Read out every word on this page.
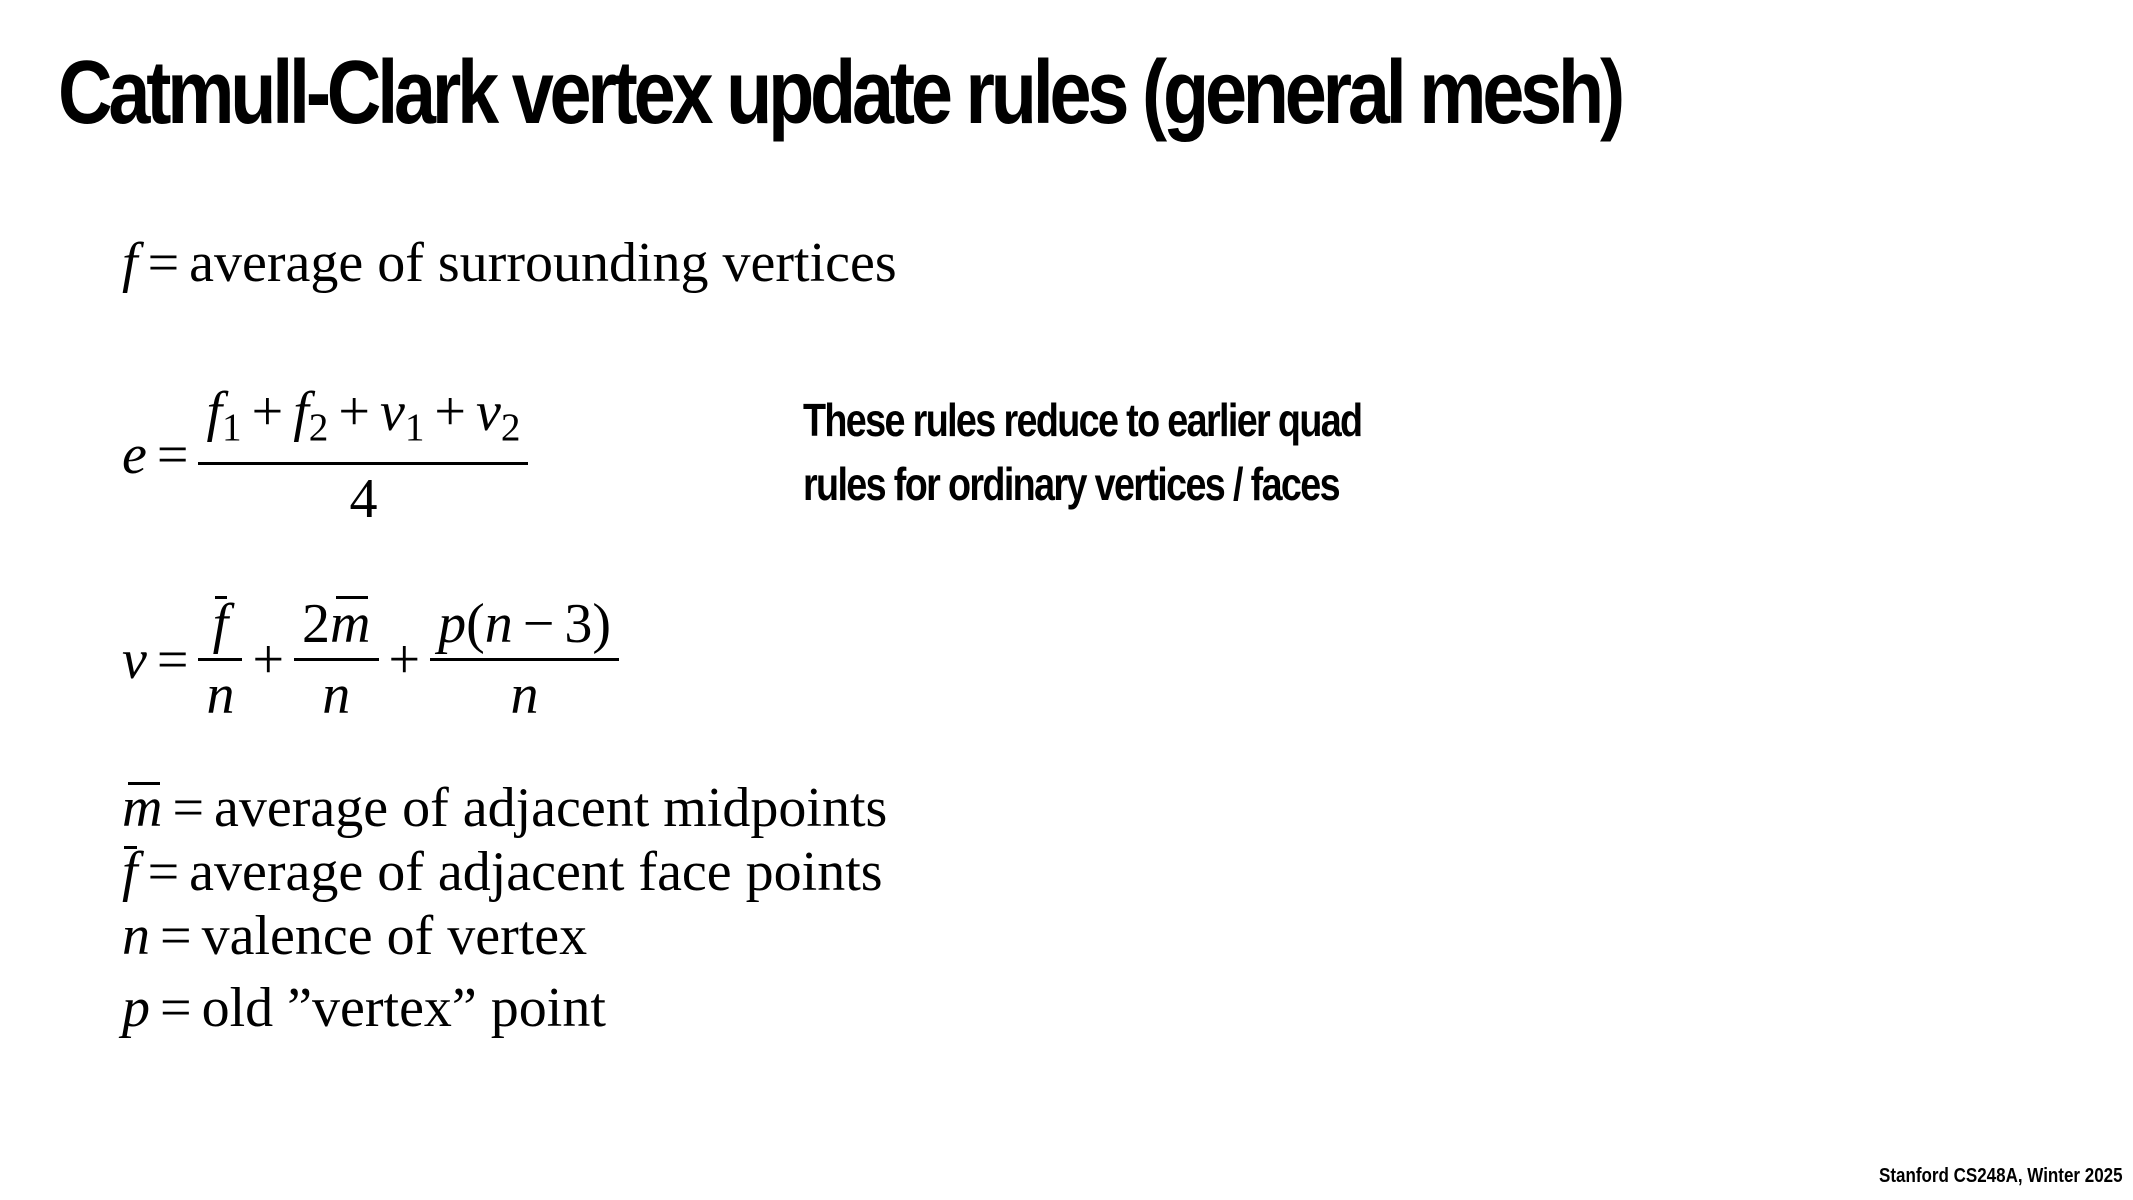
Catmull-Clark vertex update rules (general mesh)
f = average of surrounding vertices
$e = \frac{f_1 + f_2 + v_1 + v_2}{4}$
$v = \frac{f}{n} + \frac{2m}{n} + \frac{p(n - 3)}{n}$
m = average of adjacent midpoints
f = average of adjacent face points
n = valence of vertex
p = old ”vertex” point
These rules reduce to earlier quad
rules for ordinary vertices / faces
Stanford CS248A, Winter 2025
